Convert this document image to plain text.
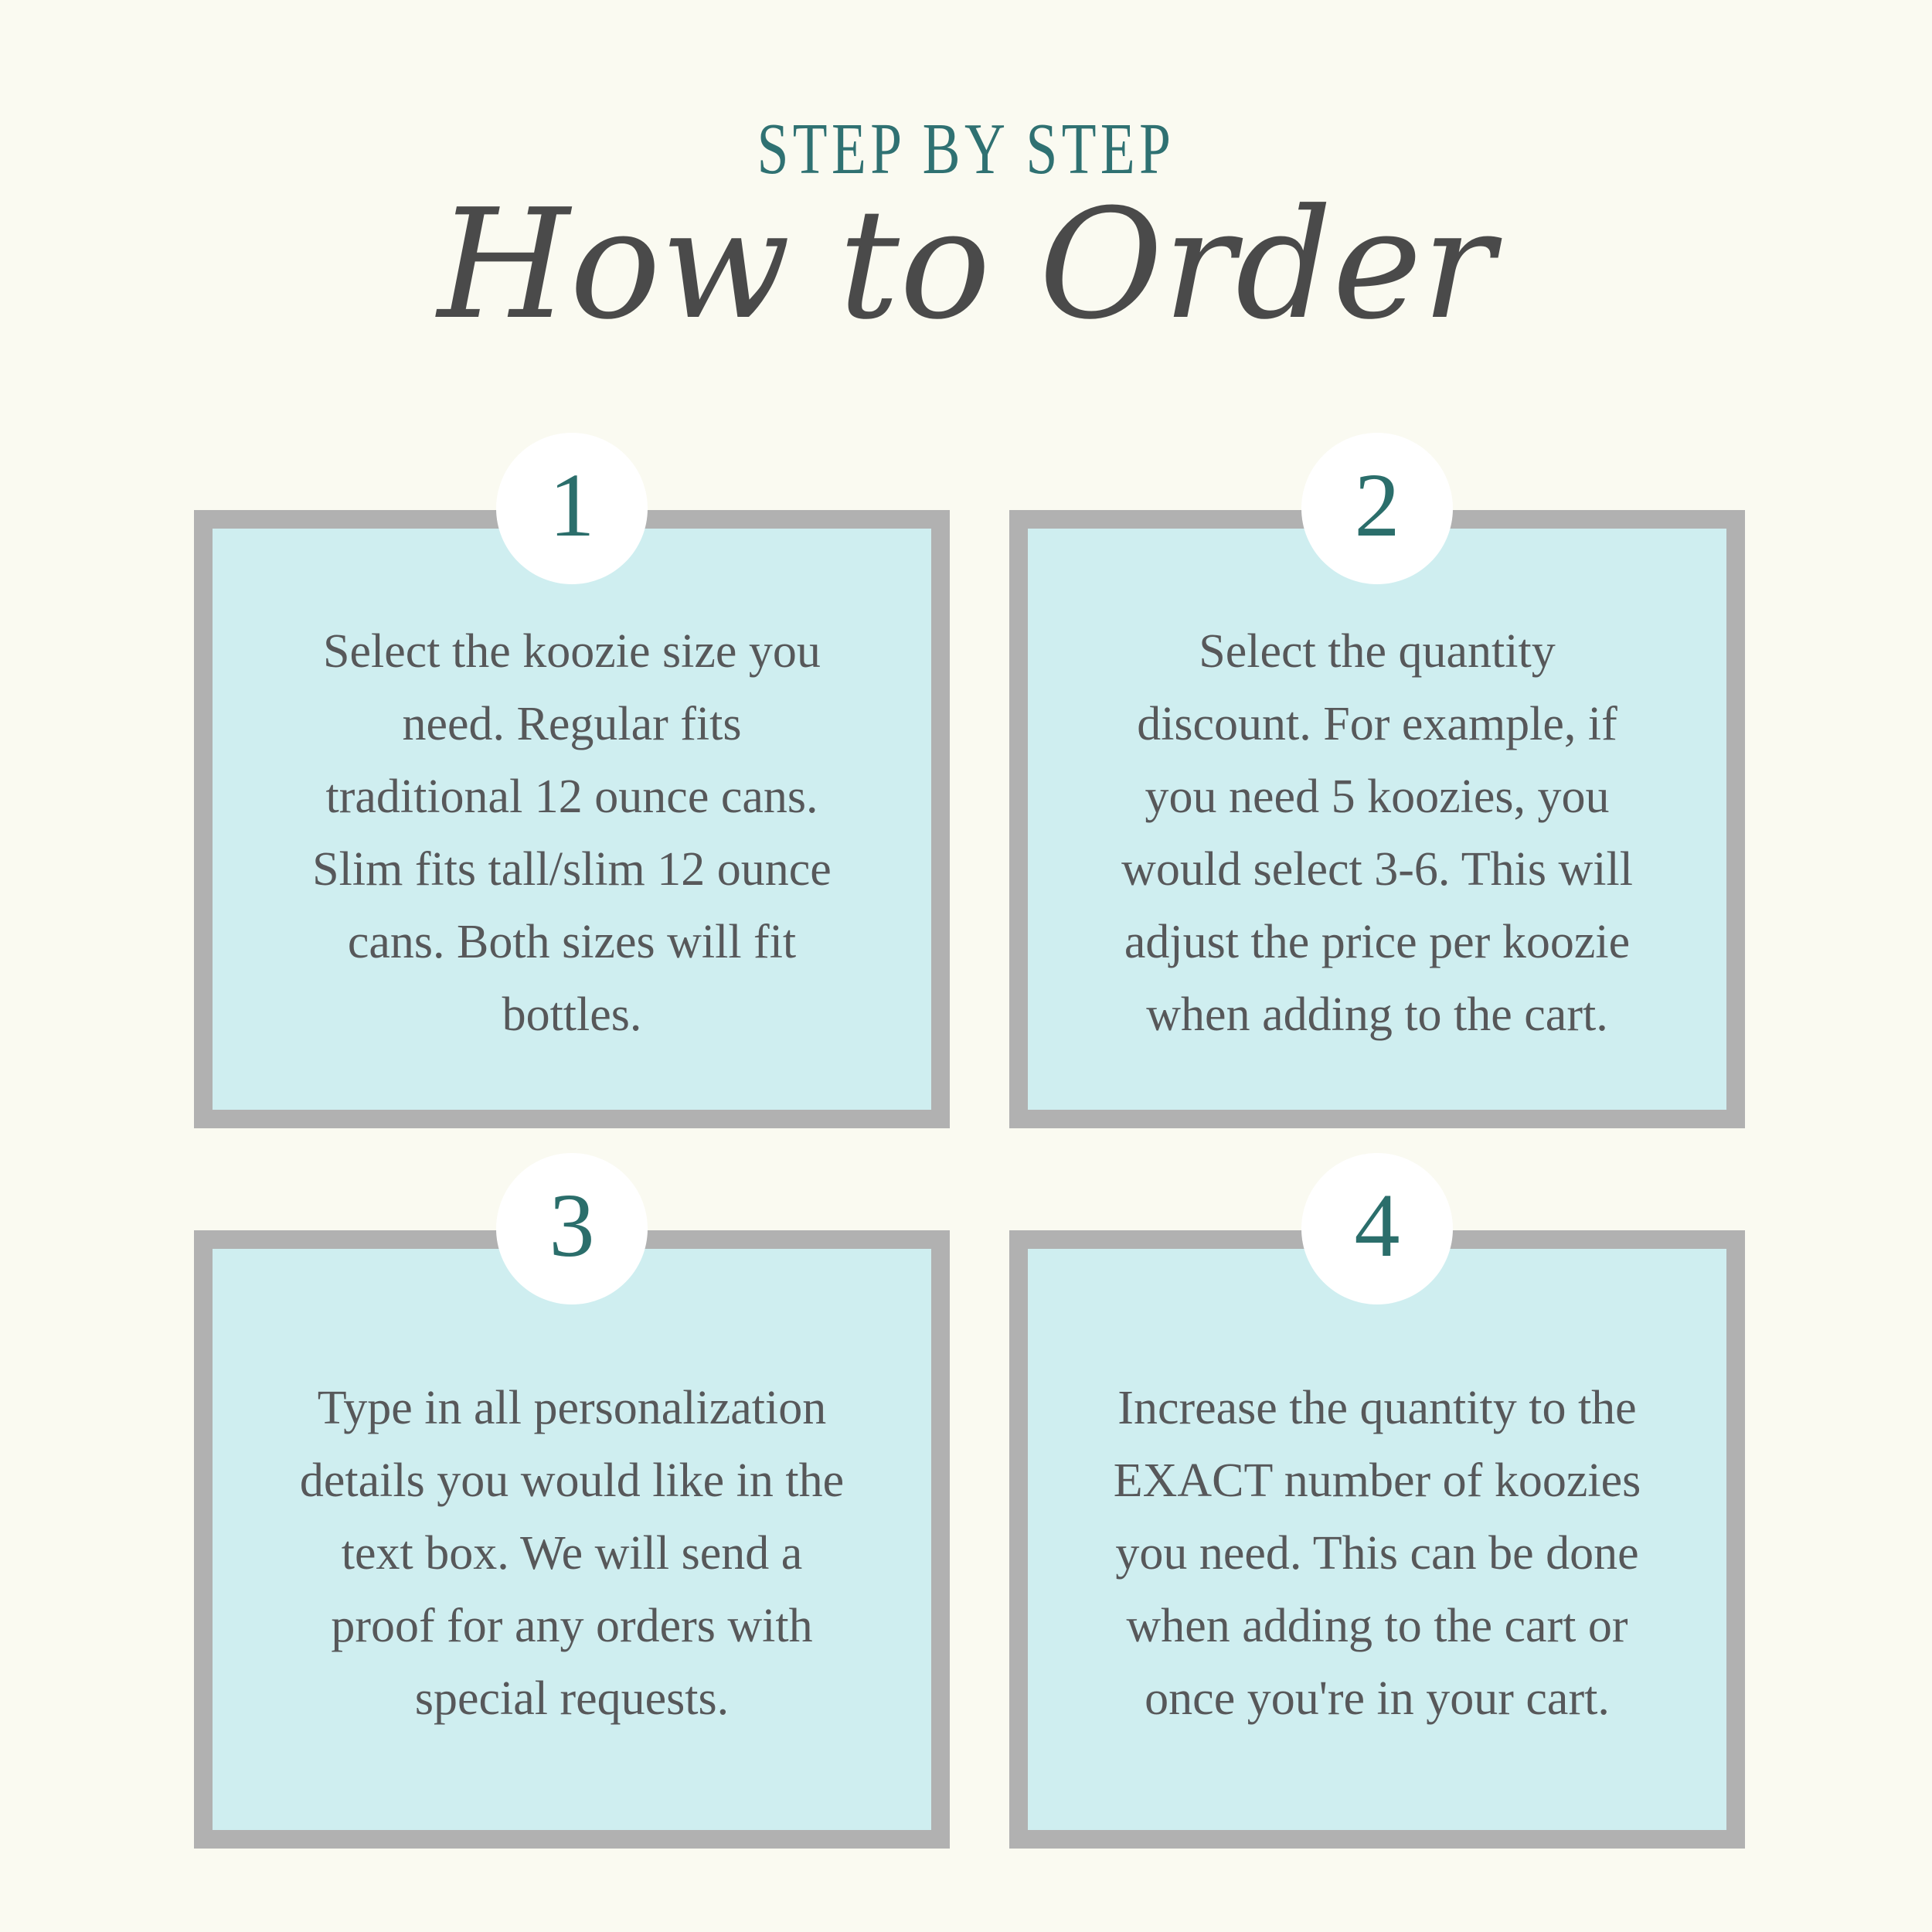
STEP BY STEP
How to Order
1
Select the koozie size you
need. Regular fits
traditional 12 ounce cans.
Slim fits tall/slim 12 ounce
cans. Both sizes will fit
bottles.
2
Select the quantity
discount. For example, if
you need 5 koozies, you
would select 3-6. This will
adjust the price per koozie
when adding to the cart.
3
Type in all personalization
details you would like in the
text box. We will send a
proof for any orders with
special requests.
4
Increase the quantity to the
EXACT number of koozies
you need. This can be done
when adding to the cart or
once you're in your cart.
